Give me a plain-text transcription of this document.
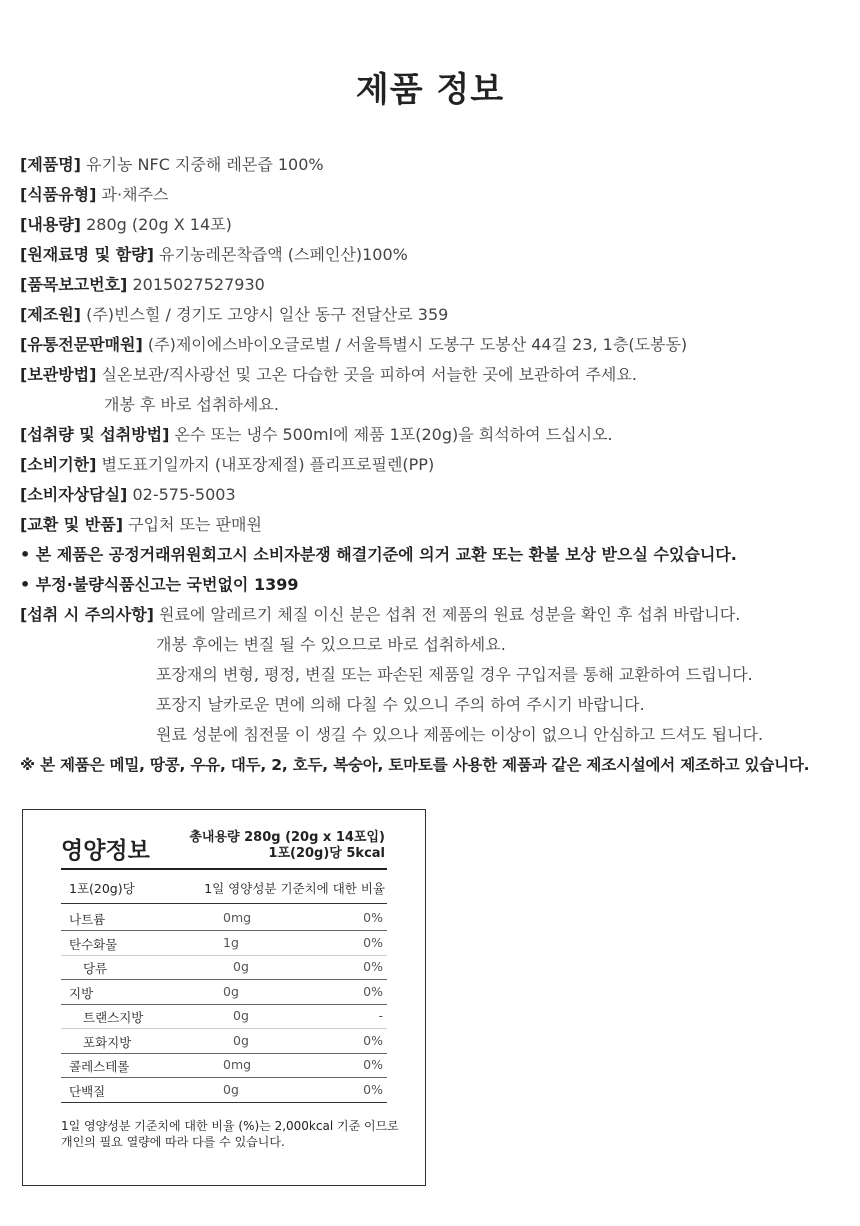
제품 정보
[제품명] 유기농 NFC 지중해 레몬즙 100%
[식품유형] 과·채주스
[내용량] 280g (20g X 14포)
[원재료명 및 함량] 유기농레몬착즙액 (스페인산)100%
[품목보고번호] 2015027527930
[제조원] (주)빈스힐 / 경기도 고양시 일산 동구 전달산로 359
[유통전문판매원] (주)제이에스바이오글로벌 / 서울특별시 도봉구 도봉산 44길 23, 1층(도봉동)
[보관방법] 실온보관/직사광선 및 고온 다습한 곳을 피하여 서늘한 곳에 보관하여 주세요.
개봉 후 바로 섭취하세요.
[섭취량 및 섭취방법] 온수 또는 냉수 500ml에 제품 1포(20g)을 희석하여 드십시오.
[소비기한] 별도표기일까지 (내포장제절) 플리프로필렌(PP)
[소비자상담실] 02-575-5003
[교환 및 반품] 구입처 또는 판매원
• 본 제품은 공정거래위원회고시 소비자분쟁 해결기준에 의거 교환 또는 환불 보상 받으실 수있습니다.
• 부정·불량식품신고는 국번없이 1399
[섭취 시 주의사항] 원료에 알레르기 체질 이신 분은 섭취 전 제품의 원료 성분을 확인 후 섭취 바랍니다.
개봉 후에는 변질 될 수 있으므로 바로 섭취하세요.
포장재의 변형, 평정, 변질 또는 파손된 제품일 경우 구입저를 통해 교환하여 드립니다.
포장지 날카로운 면에 의해 다칠 수 있으니 주의 하여 주시기 바랍니다.
원료 성분에 침전물 이 생길 수 있으나 제품에는 이상이 없으니 안심하고 드셔도 됩니다.
※ 본 제품은 메밀, 땅콩, 우유, 대두, 2, 호두, 복숭아, 토마토를 사용한 제품과 같은 제조시설에서 제조하고 있습니다.
영양정보
총내용량 280g (20g x 14포입)
1포(20g)당 5kcal
1포(20g)당	1일 영양성분 기준치에 대한 비율
나트륨	0mg	0%
탄수화물	1g	0%
당류	0g	0%
지방	0g	0%
트랜스지방	0g	-
포화지방	0g	0%
콜레스테롤	0mg	0%
단백질	0g	0%
1일 영양성분 기준치에 대한 비율 (%)는 2,000kcal 기준 이므로
개인의 필요 열량에 따라 다를 수 있습니다.
